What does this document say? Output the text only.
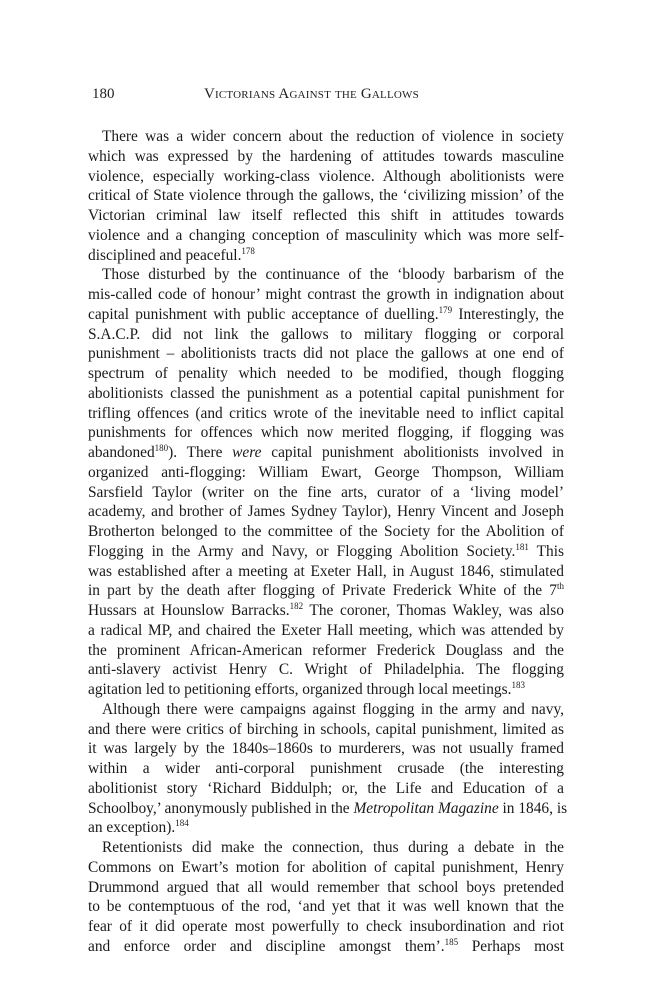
180	Victorians Against the Gallows
There was a wider concern about the reduction of violence in society
which was expressed by the hardening of attitudes towards masculine
violence, especially working-class violence. Although abolitionists were
critical of State violence through the gallows, the ‘civilizing mission’ of the
Victorian criminal law itself reflected this shift in attitudes towards
violence and a changing conception of masculinity which was more self-
disciplined and peaceful.$^{178}$
Those disturbed by the continuance of the ‘bloody barbarism of the
mis-called code of honour’ might contrast the growth in indignation about
capital punishment with public acceptance of duelling.$^{179}$ Interestingly, the
S.A.C.P. did not link the gallows to military flogging or corporal
punishment – abolitionists tracts did not place the gallows at one end of
spectrum of penality which needed to be modified, though flogging
abolitionists classed the punishment as a potential capital punishment for
trifling offences (and critics wrote of the inevitable need to inflict capital
punishments for offences which now merited flogging, if flogging was
abandoned$^{180}$). There were capital punishment abolitionists involved in
organized anti-flogging: William Ewart, George Thompson, William
Sarsfield Taylor (writer on the fine arts, curator of a ‘living model’
academy, and brother of James Sydney Taylor), Henry Vincent and Joseph
Brotherton belonged to the committee of the Society for the Abolition of
Flogging in the Army and Navy, or Flogging Abolition Society.$^{181}$ This
was established after a meeting at Exeter Hall, in August 1846, stimulated
in part by the death after flogging of Private Frederick White of the 7th
Hussars at Hounslow Barracks.$^{182}$ The coroner, Thomas Wakley, was also
a radical MP, and chaired the Exeter Hall meeting, which was attended by
the prominent African-American reformer Frederick Douglass and the
anti-slavery activist Henry C. Wright of Philadelphia. The flogging
agitation led to petitioning efforts, organized through local meetings.$^{183}$
Although there were campaigns against flogging in the army and navy,
and there were critics of birching in schools, capital punishment, limited as
it was largely by the 1840s–1860s to murderers, was not usually framed
within a wider anti-corporal punishment crusade (the interesting
abolitionist story ‘Richard Biddulph; or, the Life and Education of a
Schoolboy,’ anonymously published in the Metropolitan Magazine in 1846, is
an exception).$^{184}$
Retentionists did make the connection, thus during a debate in the
Commons on Ewart’s motion for abolition of capital punishment, Henry
Drummond argued that all would remember that school boys pretended
to be contemptuous of the rod, ‘and yet that it was well known that the
fear of it did operate most powerfully to check insubordination and riot
and enforce order and discipline amongst them’.$^{185}$ Perhaps most
